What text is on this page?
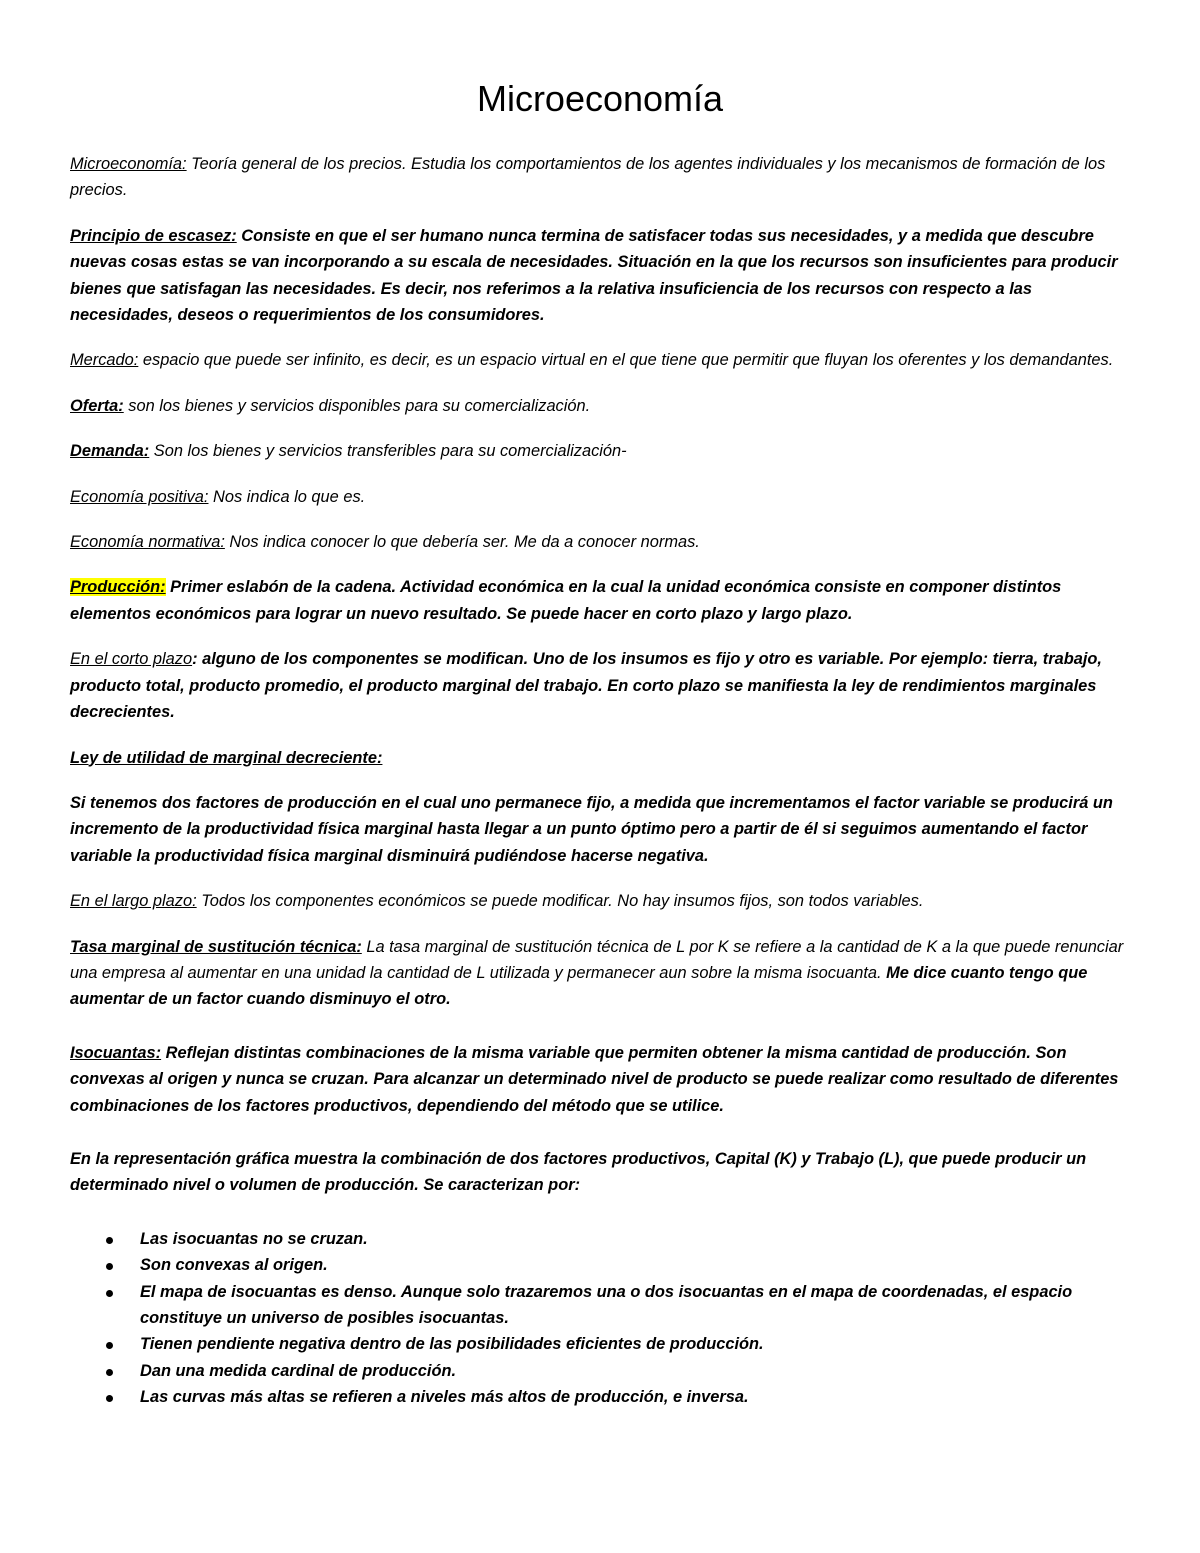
Microeconomía

Microeconomía: Teoría general de los precios. Estudia los comportamientos de los agentes individuales y los mecanismos de formación de los precios.

Principio de escasez: Consiste en que el ser humano nunca termina de satisfacer todas sus necesidades, y a medida que descubre nuevas cosas estas se van incorporando a su escala de necesidades. Situación en la que los recursos son insuficientes para producir bienes que satisfagan las necesidades. Es decir, nos referimos a la relativa insuficiencia de los recursos con respecto a las necesidades, deseos o requerimientos de los consumidores.

Mercado: espacio que puede ser infinito, es decir, es un espacio virtual en el que tiene que permitir que fluyan los oferentes y los demandantes.

Oferta: son los bienes y servicios disponibles para su comercialización.

Demanda: Son los bienes y servicios transferibles para su comercialización-

Economía positiva: Nos indica lo que es.

Economía normativa: Nos indica conocer lo que debería ser. Me da a conocer normas.

Producción: Primer eslabón de la cadena. Actividad económica en la cual la unidad económica consiste en componer distintos elementos económicos para lograr un nuevo resultado. Se puede hacer en corto plazo y largo plazo.

En el corto plazo: alguno de los componentes se modifican. Uno de los insumos es fijo y otro es variable. Por ejemplo: tierra, trabajo, producto total, producto promedio, el producto marginal del trabajo. En corto plazo se manifiesta la ley de rendimientos marginales decrecientes.

Ley de utilidad de marginal decreciente:

Si tenemos dos factores de producción en el cual uno permanece fijo, a medida que incrementamos el factor variable se producirá un incremento de la productividad física marginal hasta llegar a un punto óptimo pero a partir de él si seguimos aumentando el factor variable la productividad física marginal disminuirá pudiéndose hacerse negativa.

En el largo plazo: Todos los componentes económicos se puede modificar. No hay insumos fijos, son todos variables.

Tasa marginal de sustitución técnica: La tasa marginal de sustitución técnica de L por K se refiere a la cantidad de K a la que puede renunciar una empresa al aumentar en una unidad la cantidad de L utilizada y permanecer aun sobre la misma isocuanta. Me dice cuanto tengo que aumentar de un factor cuando disminuyo el otro.

Isocuantas: Reflejan distintas combinaciones de la misma variable que permiten obtener la misma cantidad de producción. Son convexas al origen y nunca se cruzan. Para alcanzar un determinado nivel de producto se puede realizar como resultado de diferentes combinaciones de los factores productivos, dependiendo del método que se utilice.

En la representación gráfica muestra la combinación de dos factores productivos, Capital (K) y Trabajo (L), que puede producir un determinado nivel o volumen de producción. Se caracterizan por:

Las isocuantas no se cruzan.
Son convexas al origen.
El mapa de isocuantas es denso. Aunque solo trazaremos una o dos isocuantas en el mapa de coordenadas, el espacio constituye un universo de posibles isocuantas.
Tienen pendiente negativa dentro de las posibilidades eficientes de producción.
Dan una medida cardinal de producción.
Las curvas más altas se refieren a niveles más altos de producción, e inversa.
